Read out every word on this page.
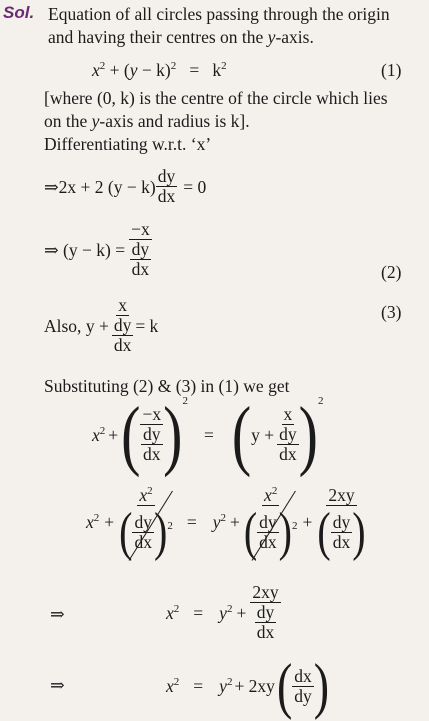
Sol. Equation of all circles passing through the origin
and having their centres on the y-axis.
$x^2 + (y - k)^2 = k^2$	(1)
[where (0, k) is the centre of the circle which lies
on the y-axis and radius is k].
Differentiating w.r.t. ‘x’
⇒ 2x + 2 $(y - k) \frac{dy}{dx} = 0$
⇒
$(y - k) = \frac{-x}{\frac{dy}{dx}}$	(2)
Also,
$y + \frac{x}{\frac{dy}{dx}} = k$
(3)
Substituting (2) & (3) in (1) we get
$x^2$ + ( $\frac{-x}{\frac{dy}{dx}}$ ) 2
= ( $y + \frac{x}{\frac{dy}{dx}}$ ) 2
$x^2 + \frac{x^2}{( \frac{dy}{dx} )^2} = y^2 + \frac{x^2}{( \frac{dy}{dx} )^2} + \frac{2xy}{( \frac{dy}{dx} )}$
⇒	$x^2 = y^2 + \frac{2xy}{\frac{dy}{dx}}$
⇒	$x^2 = y^2 + 2xy$ ( $\frac{dx}{dy}$ )
